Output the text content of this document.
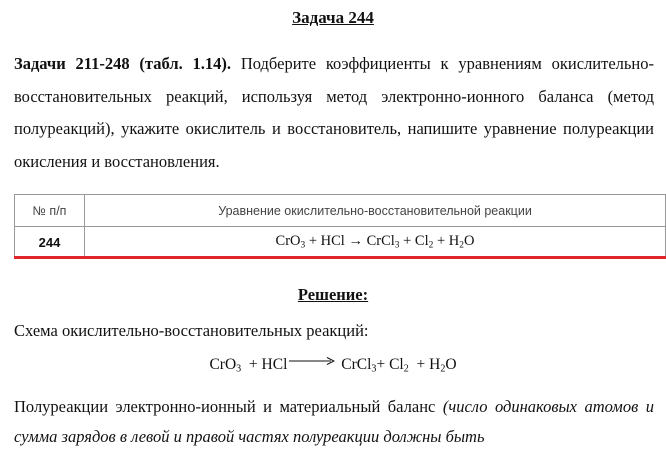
Задача 244
Задачи 211-248 (табл. 1.14). Подберите коэффициенты к уравнениям окислительно-восстановительных реакций, используя метод электронно-ионного баланса (метод полуреакций), укажите окислитель и восстановитель, напишите уравнение полуреакции окисления и восстановления.
№ п/п	Уравнение окислительно-восстановительной реакции
244	CrO$_3$ + HCl → CrCl$_3$ + $Cl_2 + H_2O$
Решение:
Схема окислительно-восстановительных реакций:
CrO$_3$  + HCl	CrCl$_3$+ $Cl_2 + H_2O$
Полуреакции электронно-ионный и материальный баланс (число одинаковых атомов и сумма зарядов в левой и правой частях полуреакции должны быть
